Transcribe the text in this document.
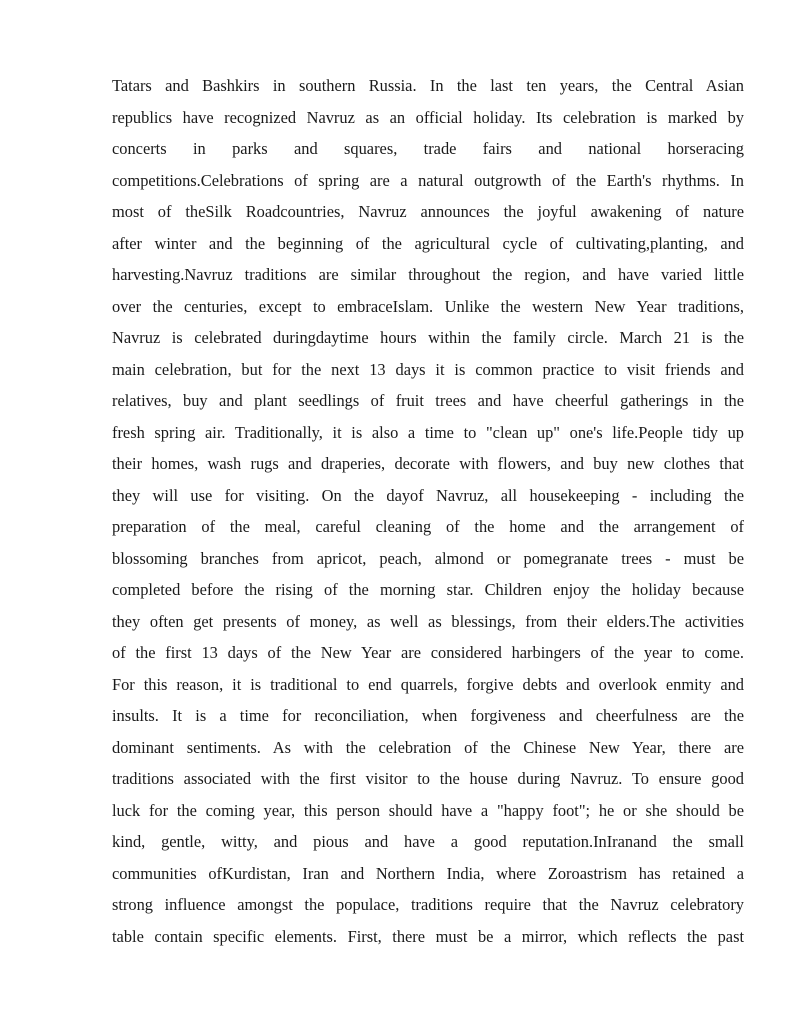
Tatars and Bashkirs in southern Russia. In the last ten years, the Central Asian
republics have recognized Navruz as an official holiday. Its celebration is marked by
concerts in parks and squares, trade fairs and national horseracing
competitions.Celebrations of spring are a natural outgrowth of the Earth's rhythms. In
most of theSilk Roadcountries, Navruz announces the joyful awakening of nature
after winter and the beginning of the agricultural cycle of cultivating,planting, and
harvesting.Navruz traditions are similar throughout the region, and have varied little
over the centuries, except to embraceIslam. Unlike the western New Year traditions,
Navruz is celebrated duringdaytime hours within the family circle. March 21 is the
main celebration, but for the next 13 days it is common practice to visit friends and
relatives, buy and plant seedlings of fruit trees and have cheerful gatherings in the
fresh spring air. Traditionally, it is also a time to "clean up" one's life.People tidy up
their homes, wash rugs and draperies, decorate with flowers, and buy new clothes that
they will use for visiting. On the dayof Navruz, all housekeeping - including the
preparation of the meal, careful cleaning of the home and the arrangement of
blossoming branches from apricot, peach, almond or pomegranate trees - must be
completed before the rising of the morning star. Children enjoy the holiday because
they often get presents of money, as well as blessings, from their elders.The activities
of the first 13 days of the New Year are considered harbingers of the year to come.
For this reason, it is traditional to end quarrels, forgive debts and overlook enmity and
insults. It is a time for reconciliation, when forgiveness and cheerfulness are the
dominant sentiments. As with the celebration of the Chinese New Year, there are
traditions associated with the first visitor to the house during Navruz. To ensure good
luck for the coming year, this person should have a "happy foot"; he or she should be
kind, gentle, witty, and pious and have a good reputation.InIranand the small
communities ofKurdistan, Iran and Northern India, where Zoroastrism has retained a
strong influence amongst the populace, traditions require that the Navruz celebratory
table contain specific elements. First, there must be a mirror, which reflects the past
